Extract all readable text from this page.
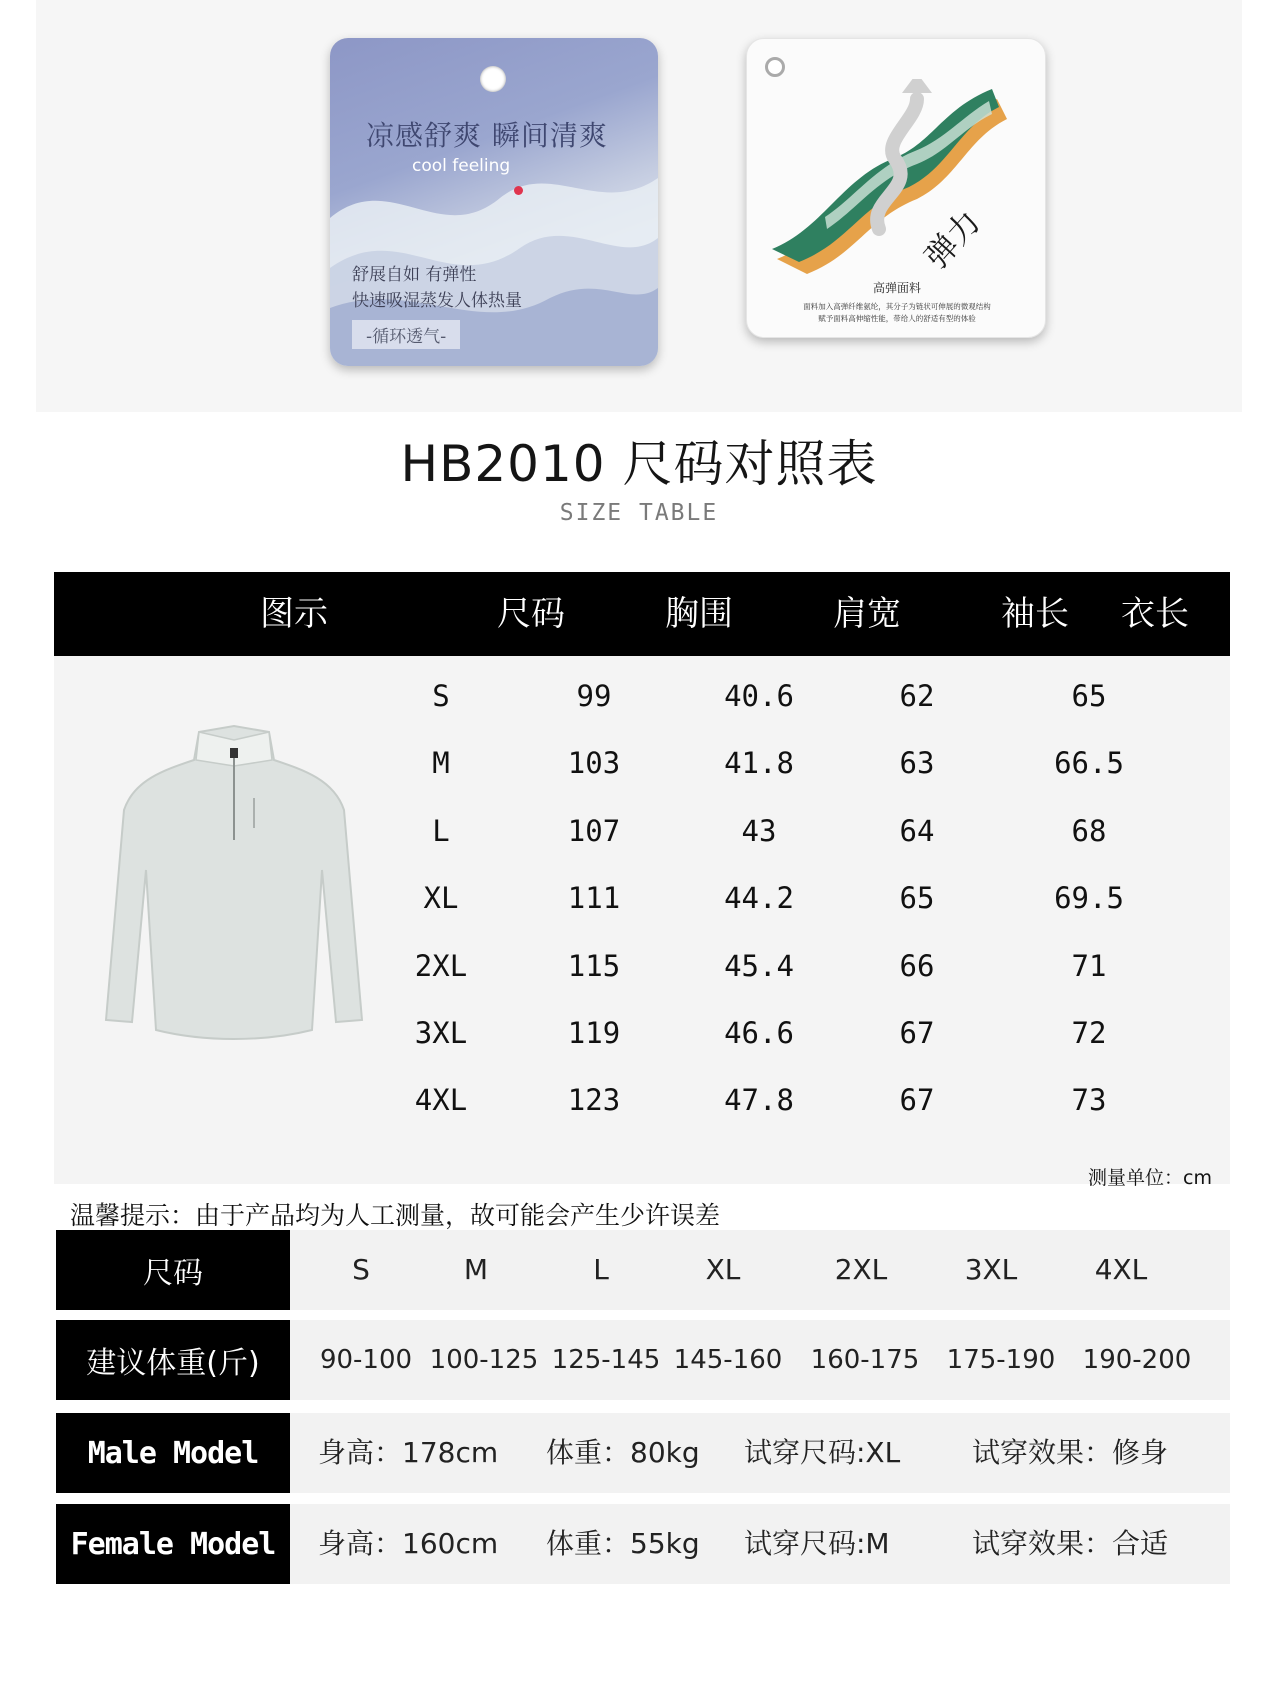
凉感舒爽 瞬间清爽
cool feeling
舒展自如 有弹性
快速吸湿蒸发人体热量
-循环透气-
弹力
高弹面料
面料加入高弹纤维氨纶，其分子为链状可伸展的微观结构
赋予面料高伸缩性能，带给人的舒适有型的体验
HB2010 尺码对照表
SIZE TABLE
图示	尺码	胸围	肩宽	袖长	衣长
S	99	40.6	62	65
M	103	41.8	63	66.5
L	107	43	64	68
XL	111	44.2	65	69.5
2XL	115	45.4	66	71
3XL	119	46.6	67	72
4XL	123	47.8	67	73
测量单位：cm
温馨提示：由于产品均为人工测量，故可能会产生少许误差
尺码	S	M	L	XL	2XL	3XL	4XL
建议体重(斤)	90-100 100-125 125-145 145-160	160-175	175-190	190-200
Male Model	身高：178cm 体重：80kg 试穿尺码:XL	试穿效果：修身
Female Model	身高：160cm 体重：55kg 试穿尺码:M	试穿效果：合适
